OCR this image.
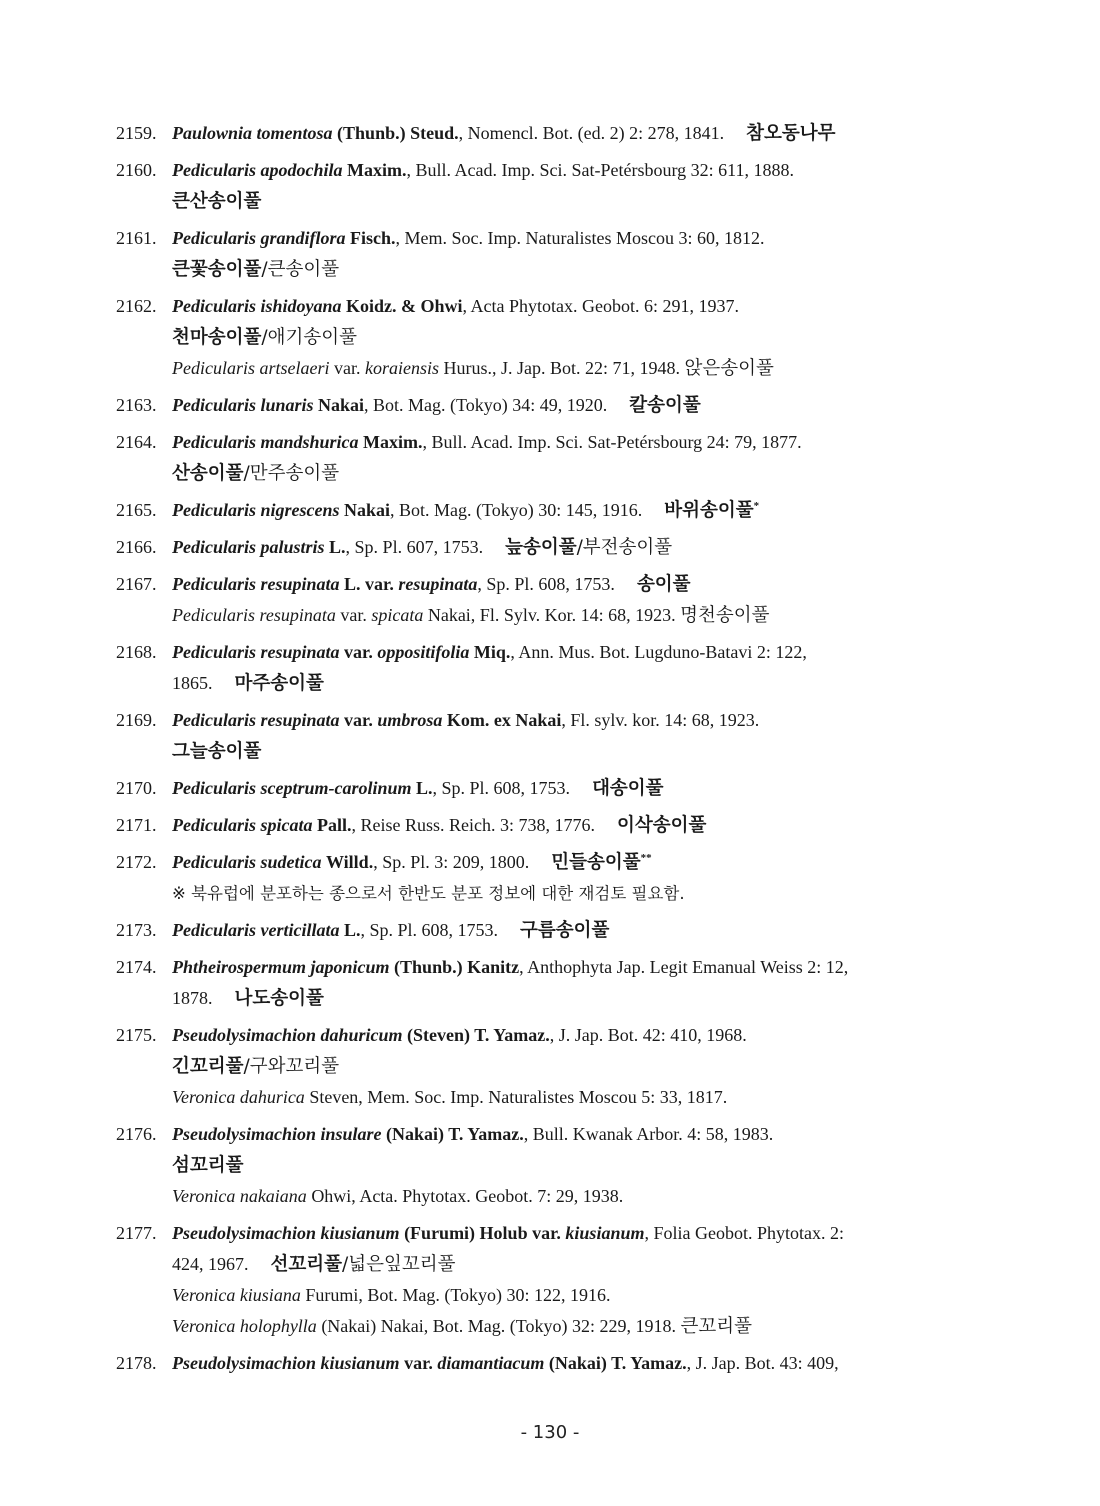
2159. Paulownia tomentosa (Thunb.) Steud., Nomencl. Bot. (ed. 2) 2: 278, 1841. 참오동나무
2160. Pedicularis apodochila Maxim., Bull. Acad. Imp. Sci. Sat-Petérsbourg 32: 611, 1888.
큰산송이풀
2161. Pedicularis grandiflora Fisch., Mem. Soc. Imp. Naturalistes Moscou 3: 60, 1812.
큰꽃송이풀/큰송이풀
2162. Pedicularis ishidoyana Koidz. & Ohwi, Acta Phytotax. Geobot. 6: 291, 1937.
천마송이풀/애기송이풀
Pedicularis artselaeri var. koraiensis Hurus., J. Jap. Bot. 22: 71, 1948. 앉은송이풀
2163. Pedicularis lunaris Nakai, Bot. Mag. (Tokyo) 34: 49, 1920. 칼송이풀
2164. Pedicularis mandshurica Maxim., Bull. Acad. Imp. Sci. Sat-Petérsbourg 24: 79, 1877.
산송이풀/만주송이풀
2165. Pedicularis nigrescens Nakai, Bot. Mag. (Tokyo) 30: 145, 1916. 바위송이풀*
2166. Pedicularis palustris L., Sp. Pl. 607, 1753. 늪송이풀/부전송이풀
2167. Pedicularis resupinata L. var. resupinata, Sp. Pl. 608, 1753. 송이풀
Pedicularis resupinata var. spicata Nakai, Fl. Sylv. Kor. 14: 68, 1923. 명천송이풀
2168. Pedicularis resupinata var. oppositifolia Miq., Ann. Mus. Bot. Lugduno-Batavi 2: 122,
1865. 마주송이풀
2169. Pedicularis resupinata var. umbrosa Kom. ex Nakai, Fl. sylv. kor. 14: 68, 1923.
그늘송이풀
2170. Pedicularis sceptrum-carolinum L., Sp. Pl. 608, 1753. 대송이풀
2171. Pedicularis spicata Pall., Reise Russ. Reich. 3: 738, 1776. 이삭송이풀
2172. Pedicularis sudetica Willd., Sp. Pl. 3: 209, 1800. 민들송이풀**
※ 북유럽에 분포하는 종으로서 한반도 분포 정보에 대한 재검토 필요함.
2173. Pedicularis verticillata L., Sp. Pl. 608, 1753. 구름송이풀
2174. Phtheirospermum japonicum (Thunb.) Kanitz, Anthophyta Jap. Legit Emanual Weiss 2: 12,
1878. 나도송이풀
2175. Pseudolysimachion dahuricum (Steven) T. Yamaz., J. Jap. Bot. 42: 410, 1968.
긴꼬리풀/구와꼬리풀
Veronica dahurica Steven, Mem. Soc. Imp. Naturalistes Moscou 5: 33, 1817.
2176. Pseudolysimachion insulare (Nakai) T. Yamaz., Bull. Kwanak Arbor. 4: 58, 1983.
섬꼬리풀
Veronica nakaiana Ohwi, Acta. Phytotax. Geobot. 7: 29, 1938.
2177. Pseudolysimachion kiusianum (Furumi) Holub var. kiusianum, Folia Geobot. Phytotax. 2:
424, 1967. 선꼬리풀/넓은잎꼬리풀
Veronica kiusiana Furumi, Bot. Mag. (Tokyo) 30: 122, 1916.
Veronica holophylla (Nakai) Nakai, Bot. Mag. (Tokyo) 32: 229, 1918. 큰꼬리풀
2178. Pseudolysimachion kiusianum var. diamantiacum (Nakai) T. Yamaz., J. Jap. Bot. 43: 409,
- 130 -
